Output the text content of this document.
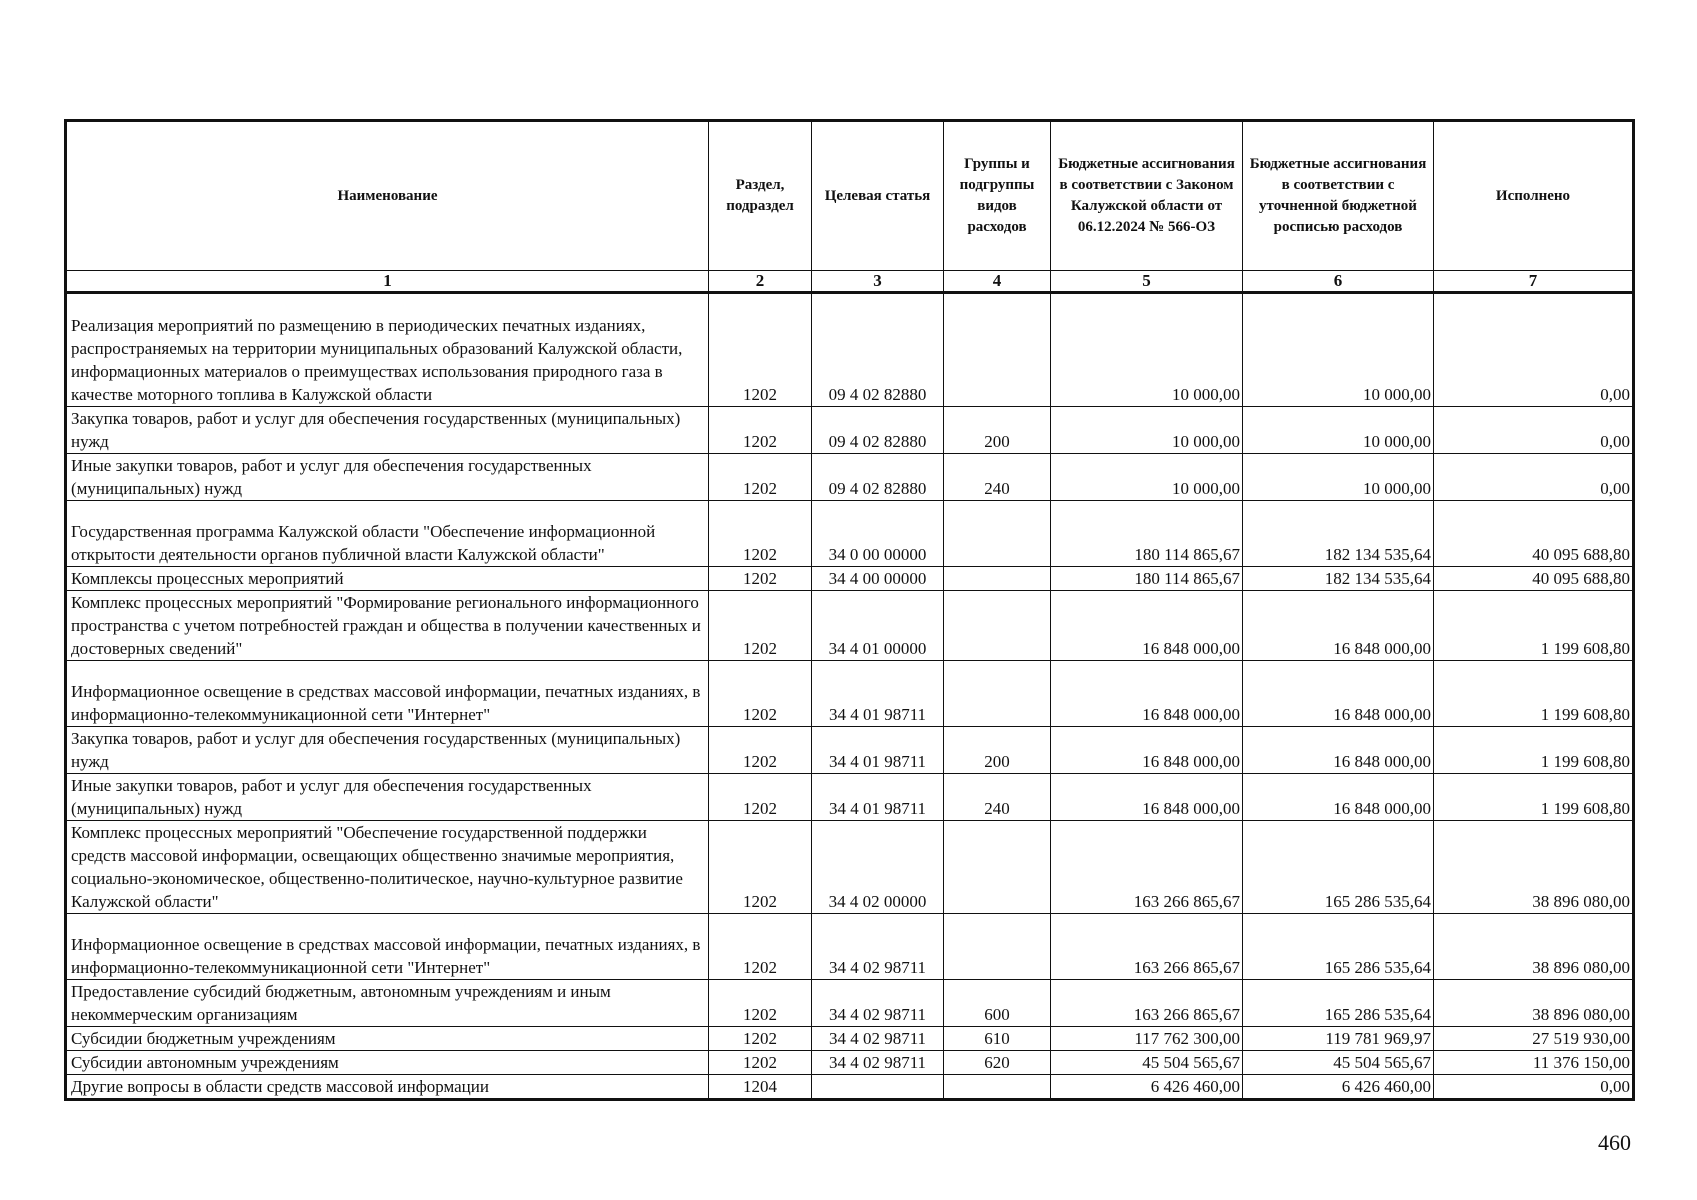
Наименование	Раздел, подраздел	Целевая статья	Группы и подгруппы видов расходов	Бюджетные ассигнования в соответствии с Законом Калужской области от 06.12.2024 № 566-ОЗ	Бюджетные ассигнования в соответствии с уточненной бюджетной росписью расходов	Исполнено
1	2	3	4	5	6	7
Реализация мероприятий по размещению в периодических печатных изданиях, распространяемых на территории муниципальных образований Калужской области, информационных материалов о преимуществах использования природного газа в качестве моторного топлива в Калужской области	1202	09 4 02 82880		10 000,00	10 000,00	0,00
Закупка товаров, работ и услуг для обеспечения государственных (муниципальных) нужд	1202	09 4 02 82880	200	10 000,00	10 000,00	0,00
Иные закупки товаров, работ и услуг для обеспечения государственных (муниципальных) нужд	1202	09 4 02 82880	240	10 000,00	10 000,00	0,00
Государственная программа Калужской области "Обеспечение информационной открытости деятельности органов публичной власти Калужской области"	1202	34 0 00 00000		180 114 865,67	182 134 535,64	40 095 688,80
Комплексы процессных мероприятий	1202	34 4 00 00000		180 114 865,67	182 134 535,64	40 095 688,80
Комплекс процессных мероприятий "Формирование регионального информационного пространства с учетом потребностей граждан и общества в получении качественных и достоверных сведений"	1202	34 4 01 00000		16 848 000,00	16 848 000,00	1 199 608,80
Информационное освещение в средствах массовой информации, печатных изданиях, в информационно-телекоммуникационной сети "Интернет"	1202	34 4 01 98711		16 848 000,00	16 848 000,00	1 199 608,80
Закупка товаров, работ и услуг для обеспечения государственных (муниципальных) нужд	1202	34 4 01 98711	200	16 848 000,00	16 848 000,00	1 199 608,80
Иные закупки товаров, работ и услуг для обеспечения государственных (муниципальных) нужд	1202	34 4 01 98711	240	16 848 000,00	16 848 000,00	1 199 608,80
Комплекс процессных мероприятий "Обеспечение государственной поддержки средств массовой информации, освещающих общественно значимые мероприятия, социально-экономическое, общественно-политическое, научно-культурное развитие Калужской области"	1202	34 4 02 00000		163 266 865,67	165 286 535,64	38 896 080,00
Информационное освещение в средствах массовой информации, печатных изданиях, в информационно-телекоммуникационной сети "Интернет"	1202	34 4 02 98711		163 266 865,67	165 286 535,64	38 896 080,00
Предоставление субсидий бюджетным, автономным учреждениям и иным некоммерческим организациям	1202	34 4 02 98711	600	163 266 865,67	165 286 535,64	38 896 080,00
Субсидии бюджетным учреждениям	1202	34 4 02 98711	610	117 762 300,00	119 781 969,97	27 519 930,00
Субсидии автономным учреждениям	1202	34 4 02 98711	620	45 504 565,67	45 504 565,67	11 376 150,00
Другие вопросы в области средств массовой информации	1204			6 426 460,00	6 426 460,00	0,00
460
